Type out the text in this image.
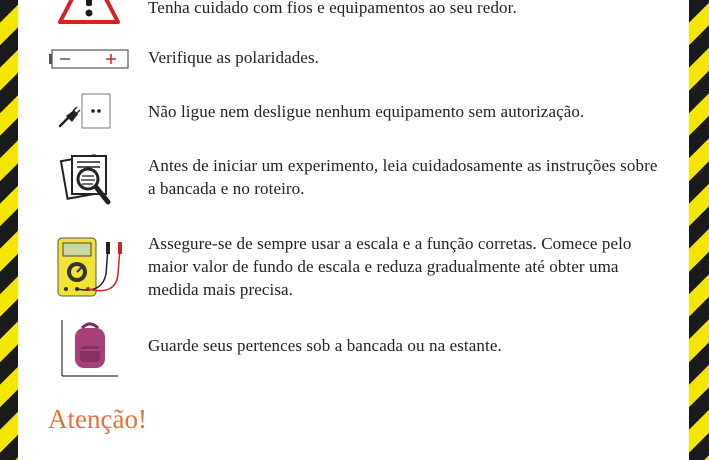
Tenha cuidado com fios e equipamentos ao seu redor.
Verifique as polaridades.
Não ligue nem desligue nenhum equipamento sem autorização.
Antes de iniciar um experimento, leia cuidadosamente as instruções sobre a bancada e no roteiro.
Assegure-se de sempre usar a escala e a função corretas. Comece pelo maior valor de fundo de escala e reduza gradualmente até obter uma medida mais precisa.
Guarde seus pertences sob a bancada ou na estante.
Atenção!
